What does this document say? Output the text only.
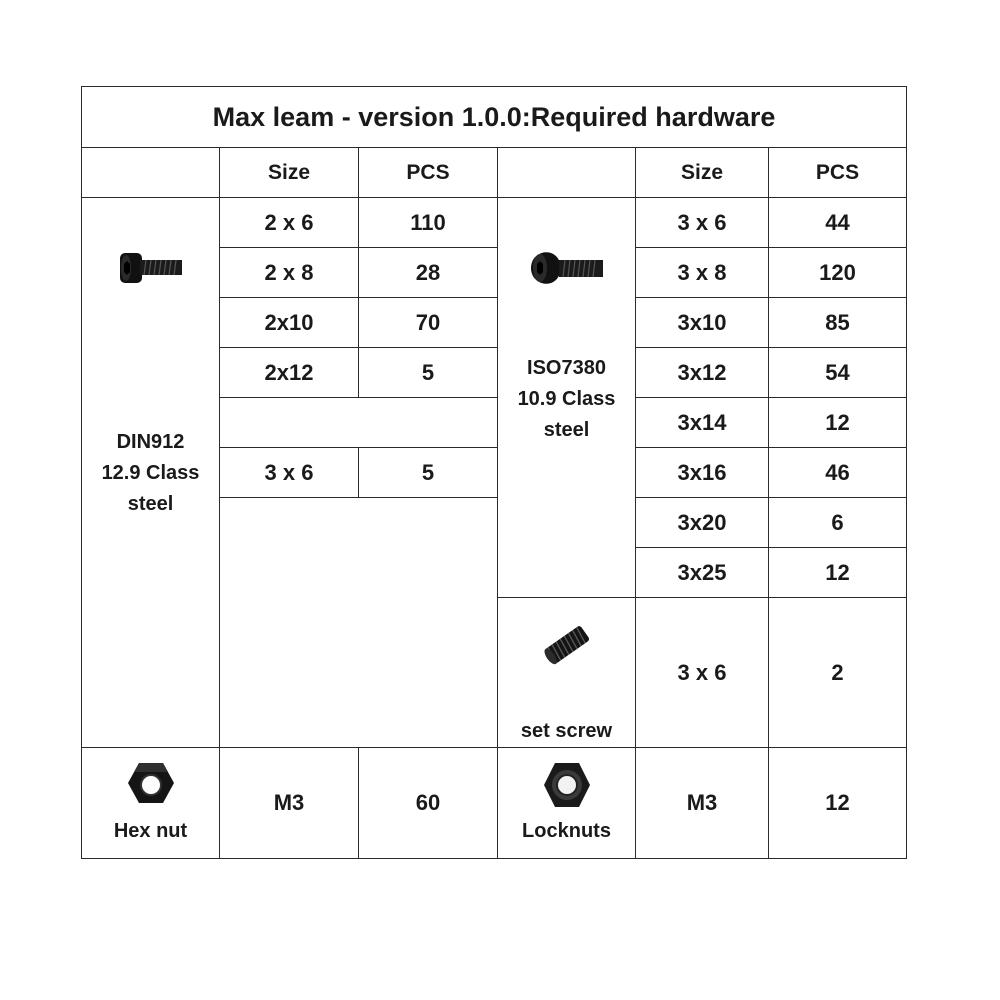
Max leam - version 1.0.0:Required hardware					
	Size	PCS		Size	PCS

DIN912
12.9 Class
steel	2 x 6	110	ISO7380
10.9 Class
steel	3 x 6	44
	2 x 8	28		3 x 8	120
	2x10	70		3x10	85
	2x12	5		3x12	54
				3x14	12
	3 x 6	5		3x16	46
				3x20	6
				3x25	12

			set screw	3 x 6	2

Hex nut	M3	60	Locknuts	M3	12
